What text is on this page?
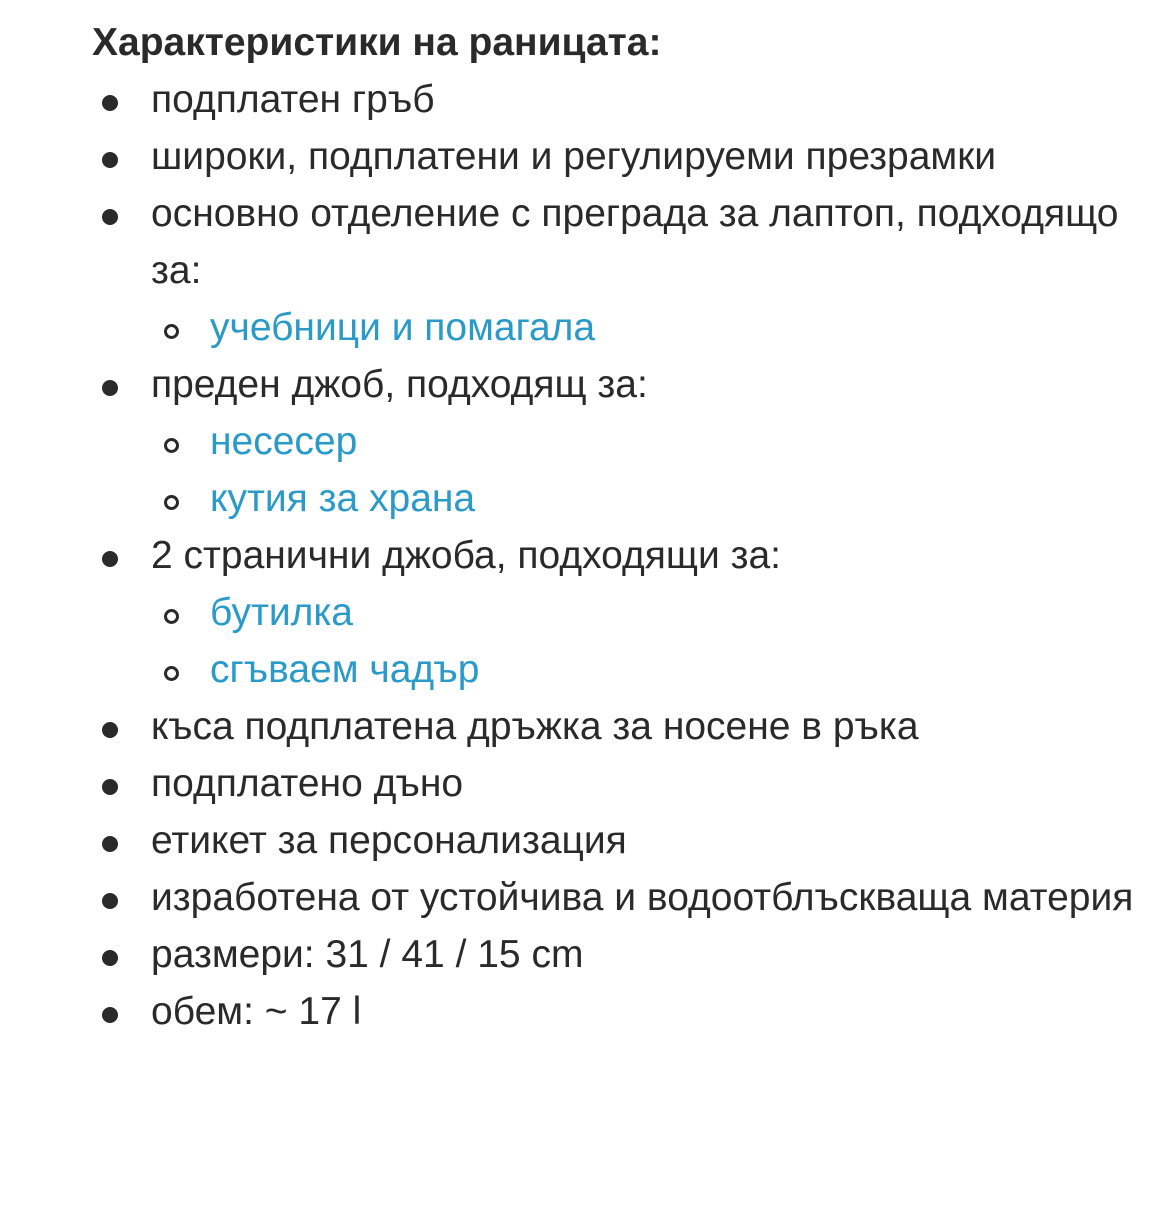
Характеристики на раницата:
подплатен гръб
широки, подплатени и регулируеми презрамки
основно отделение с преграда за лаптоп, подходящо за:
учебници и помагала
преден джоб, подходящ за:
несесер
кутия за храна
2 странични джоба, подходящи за:
бутилка
сгъваем чадър
къса подплатена дръжка за носене в ръка
подплатено дъно
етикет за персонализация
изработена от устойчива и водоотблъскваща материя
размери: 31 / 41 / 15 cm
обем: ~ 17 l
